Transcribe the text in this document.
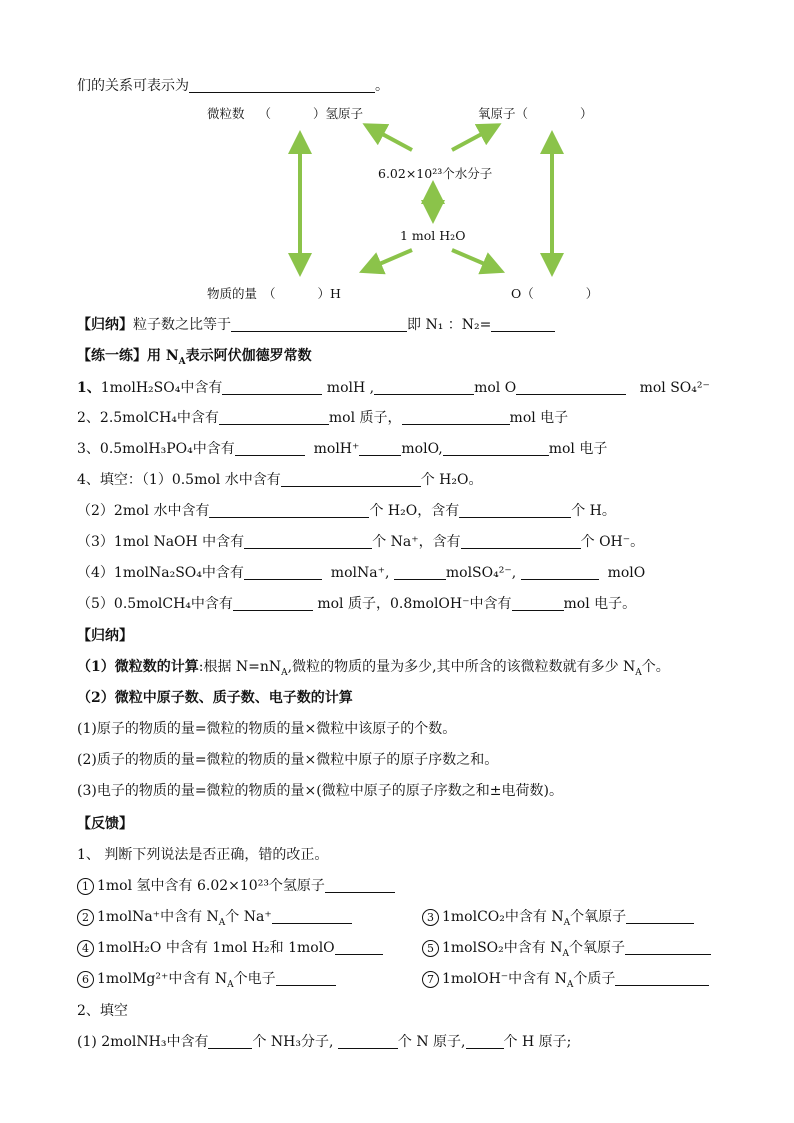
们的关系可表示为	。
微粒数 （	）氢原子	氧原子（	）
6.02×10²³个水分子
1 mol H₂O
物质的量 （	）H	O（	）
【归纳】粒子数之比等于	即 N₁ ：N₂=
【练一练】用 $N_A$表示阿伏伽德罗常数
1、1molH₂SO₄中含有	molH ,	mol O	mol SO₄²⁻
2、2.5molCH₄中含有	mol 质子，	mol 电子
3、0.5molH₃PO₄中含有	molH⁺	molO,	mol 电子
4、填空：（1）0.5mol 水中含有	个 H₂O。
（2）2mol 水中含有	个 H₂O，含有	个 H。
（3）1mol NaOH 中含有	个 Na⁺，含有	个 OH⁻。
（4）1molNa₂SO₄中含有	molNa⁺,	molSO₄²⁻,	molO
（5）0.5molCH₄中含有	mol 质子，0.8molOH⁻中含有	mol 电子。
【归纳】
（1）微粒数的计算:根据 $N=nN_A$,微粒的物质的量为多少,其中所含的该微粒数就有多少 $N_A$个。
（2）微粒中原子数、质子数、电子数的计算
(1)原子的物质的量=微粒的物质的量×微粒中该原子的个数。
(2)质子的物质的量=微粒的物质的量×微粒中原子的原子序数之和。
(3)电子的物质的量=微粒的物质的量×(微粒中原子的原子序数之和±电荷数)。
【反馈】
1、 判断下列说法是否正确，错的改正。
1 1mol 氢中含有 6.02×10²³个氢原子
2 1molNa⁺中含有 $N_A$个 Na⁺	3 1molCO₂中含有 $N_A$个氧原子
4 1molH₂O 中含有 1mol H₂和 1molO	5 1molSO₂中含有 $N_A$个氧原子
6 1molMg²⁺中含有 $N_A$个电子	7 1molOH⁻中含有 $N_A$个质子
2、填空
(1) 2molNH₃中含有	个 NH₃分子,	个 N 原子,	个 H 原子;
